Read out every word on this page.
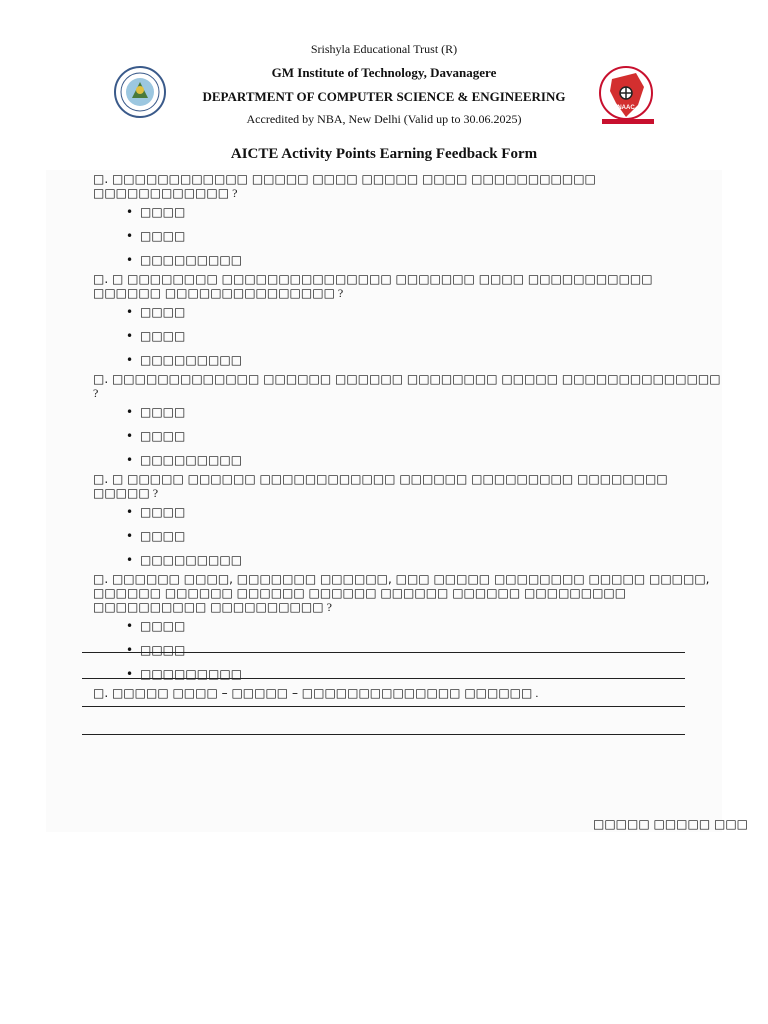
NAAC
Srishyla Educational Trust (R)
GM Institute of Technology, Davanagere
DEPARTMENT OF COMPUTER SCIENCE & ENGINEERING
Accredited by NBA, New Delhi (Valid up to 30.06.2025)
AICTE Activity Points Earning Feedback Form

□. □□□□□□□□□□□□ □□□□□ □□□□ □□□□□ □□□□ □□□□□□□□□□□ □□□□□□□□□□□□ ?

• □□□□
• □□□□
• □□□□□□□□□

□. □ □□□□□□□□ □□□□□□□□□□□□□□□ □□□□□□□ □□□□ □□□□□□□□□□□ □□□□□□ □□□□□□□□□□□□□□□ ?

• □□□□
• □□□□
• □□□□□□□□□

□. □□□□□□□□□□□□□ □□□□□□ □□□□□□ □□□□□□□□ □□□□□ □□□□□□□□□□□□□□ ?

• □□□□
• □□□□
• □□□□□□□□□

□. □ □□□□□ □□□□□□ □□□□□□□□□□□□ □□□□□□ □□□□□□□□□ □□□□□□□□ □□□□□ ?

• □□□□
• □□□□
• □□□□□□□□□

□. □□□□□□ □□□□, □□□□□□□ □□□□□□, □□□ □□□□□ □□□□□□□□ □□□□□ □□□□□, □□□□□□ □□□□□□ □□□□□□ □□□□□□ □□□□□□ □□□□□□ □□□□□□□□□ □□□□□□□□□□ □□□□□□□□□□ ?

• □□□□
• □□□□
• □□□□□□□□□

□. □□□□□ □□□□ – □□□□□ – □□□□□□□□□□□□□□ □□□□□□ .

□□□□□ □□□□□ □□□
